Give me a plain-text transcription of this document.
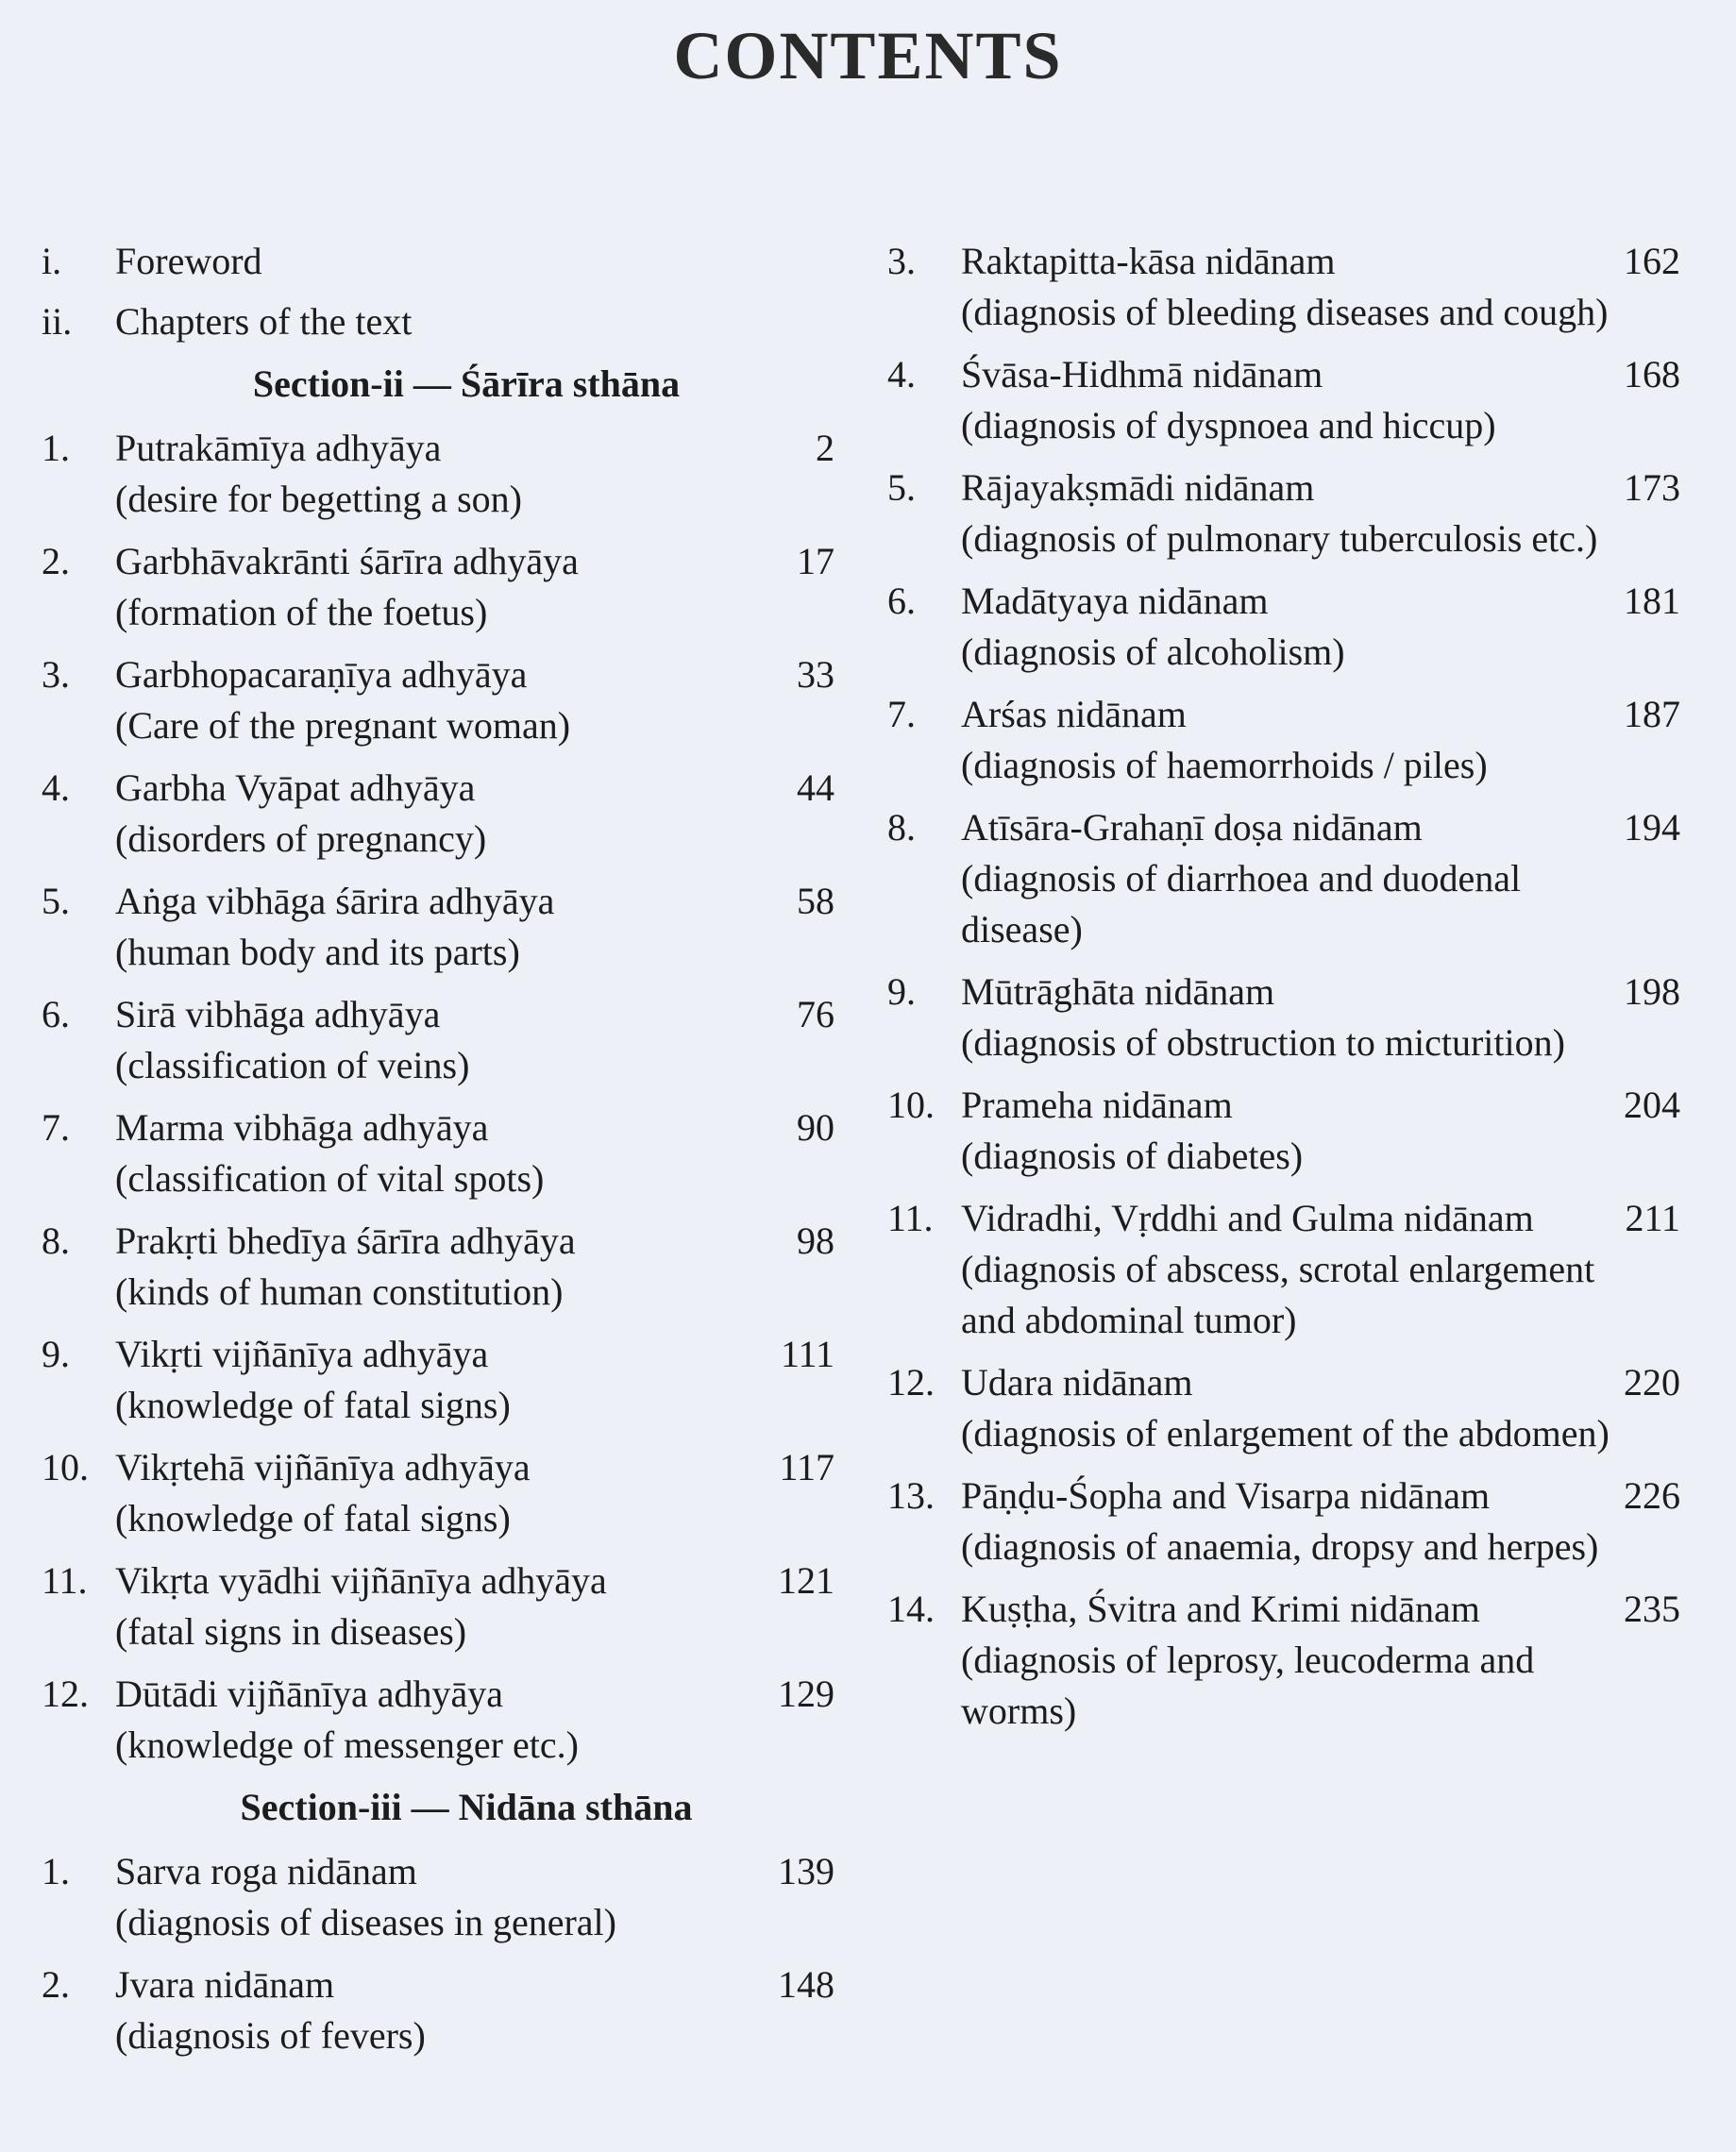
CONTENTS
i. Foreword
ii. Chapters of the text
Section-ii — Śārīra sthāna
1. Putrakāmīya adhyāya
(desire for begetting a son)
2
2. Garbhāvakrānti śārīra adhyāya
(formation of the foetus)
17
3. Garbhopacaraṇīya adhyāya
(Care of the pregnant woman)
33
4. Garbha Vyāpat adhyāya
(disorders of pregnancy)
44
5. Aṅga vibhāga śārira adhyāya
(human body and its parts)
58
6. Sirā vibhāga adhyāya
(classification of veins)
76
7. Marma vibhāga adhyāya
(classification of vital spots)
90
8. Prakṛti bhedīya śārīra adhyāya
(kinds of human constitution)
98
9. Vikṛti vijñānīya adhyāya
(knowledge of fatal signs)
111
10. Vikṛtehā vijñānīya adhyāya
(knowledge of fatal signs)
117
11. Vikṛta vyādhi vijñānīya adhyāya
(fatal signs in diseases)
121
12. Dūtādi vijñānīya adhyāya
(knowledge of messenger etc.)
129
Section-iii — Nidāna sthāna
1. Sarva roga nidānam
(diagnosis of diseases in general)
139
2. Jvara nidānam
(diagnosis of fevers)
148
3. Raktapitta-kāsa nidānam
(diagnosis of bleeding diseases and cough)
162
4. Śvāsa-Hidhmā nidānam
(diagnosis of dyspnoea and hiccup)
168
5. Rājayakṣmādi nidānam
(diagnosis of pulmonary tuberculosis etc.)
173
6. Madātyaya nidānam
(diagnosis of alcoholism)
181
7. Arśas nidānam
(diagnosis of haemorrhoids / piles)
187
8. Atīsāra-Grahaṇī doṣa nidānam
(diagnosis of diarrhoea and duodenal disease)
194
9. Mūtrāghāta nidānam
(diagnosis of obstruction to micturition)
198
10. Prameha nidānam
(diagnosis of diabetes)
204
11. Vidradhi, Vṛddhi and Gulma nidānam
(diagnosis of abscess, scrotal enlargement and abdominal tumor)
211
12. Udara nidānam
(diagnosis of enlargement of the abdomen)
220
13. Pāṇḍu-Śopha and Visarpa nidānam
(diagnosis of anaemia, dropsy and herpes)
226
14. Kuṣṭha, Śvitra and Krimi nidānam
(diagnosis of leprosy, leucoderma and worms)
235
